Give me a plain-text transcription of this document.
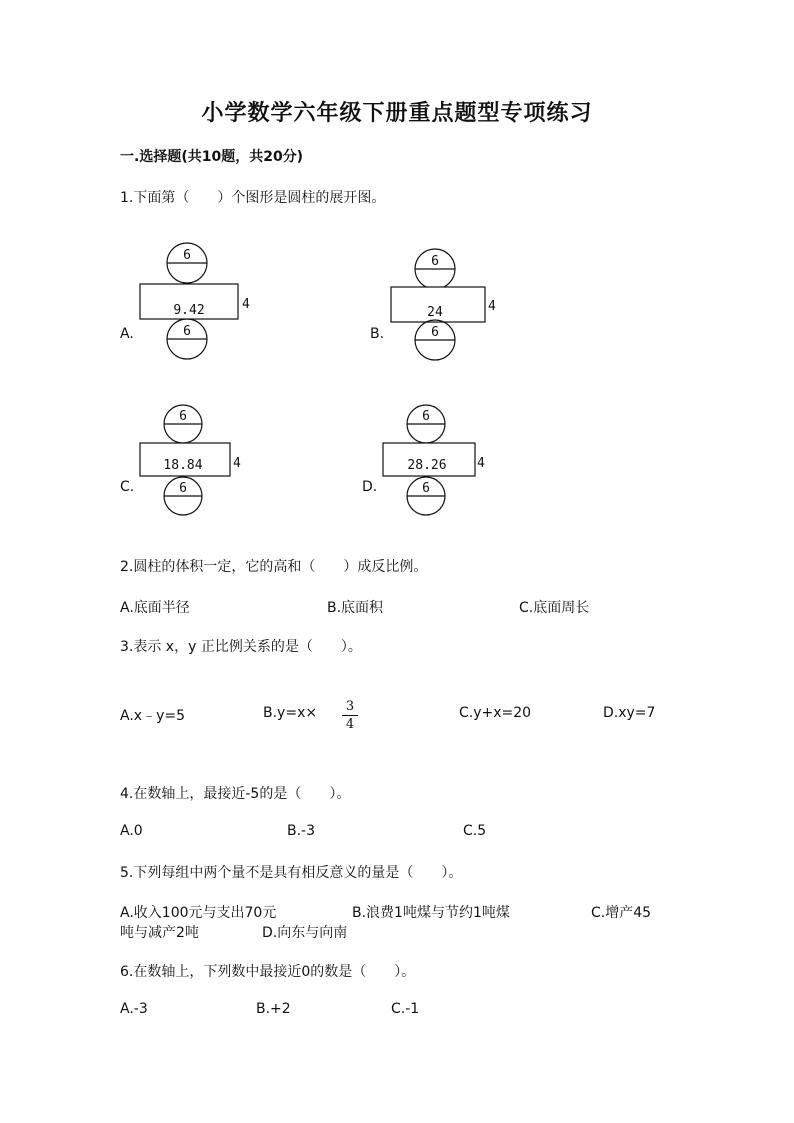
小学数学六年级下册重点题型专项练习
一.选择题(共10题，共20分)
1.下面第（　　）个图形是圆柱的展开图。
A.
6
9.42	4
6	B.
6
24	4
6
C.
6
18.84 4
6	D.
6
28.26 4
6
2.圆柱的体积一定，它的高和（　　）成反比例。
A.底面半径	B.底面积	C.底面周长
3.表示 x，y 正比例关系的是（　　）。
A.x﹣y=5	B.y=x× 3
4
C.y+x=20	D.xy=7
4.在数轴上，最接近-5的是（　　）。
A.0	B.-3	C.5
5.下列每组中两个量不是具有相反意义的量是（　　）。
A.收入100元与支出70元	B.浪费1吨煤与节约1吨煤	C.增产45
吨与减产2吨	D.向东与向南
6.在数轴上，下列数中最接近0的数是（　　）。
A.-3	B.+2	C.-1
